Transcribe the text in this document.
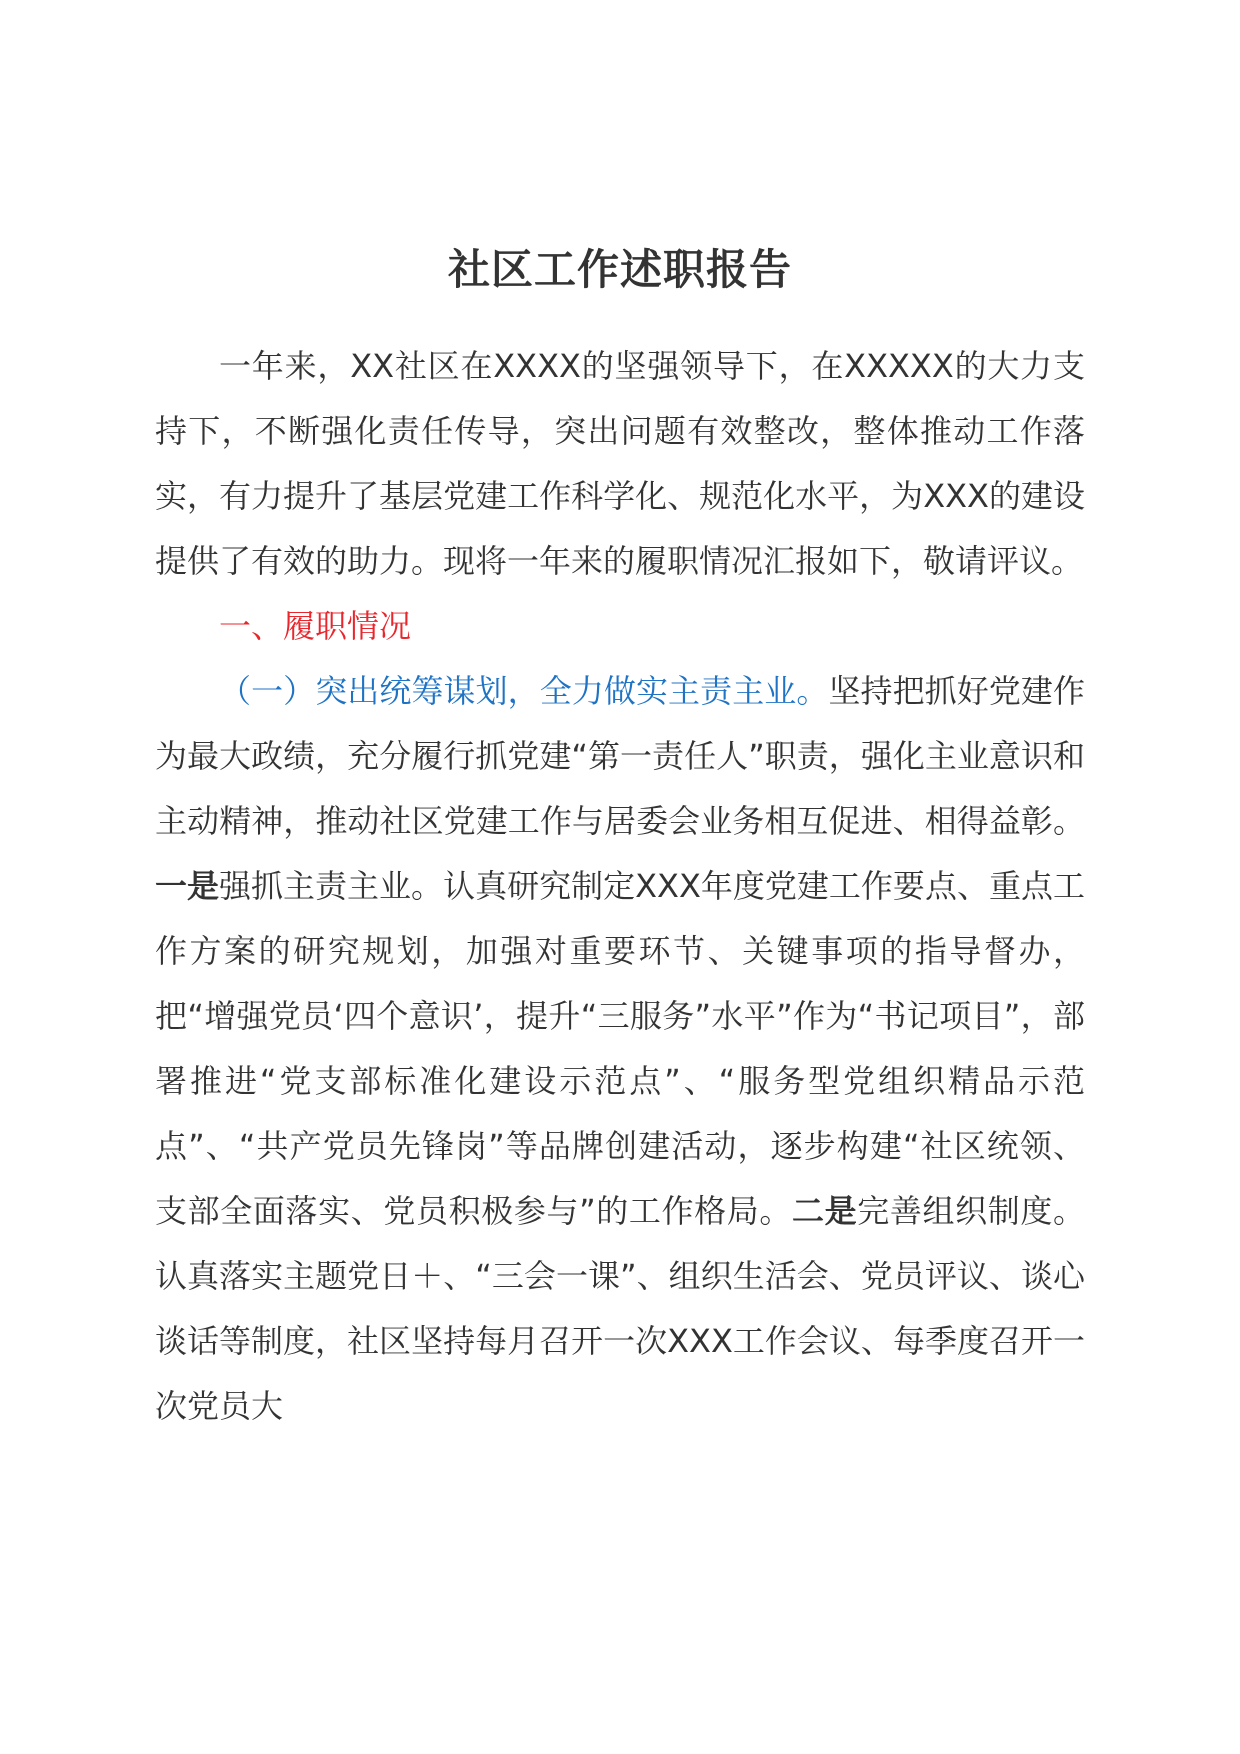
社区工作述职报告

一年来，XX社区在XXXX的坚强领导下，在XXXXX的大力支持下，不断强化责任传导，突出问题有效整改，整体推动工作落实，有力提升了基层党建工作科学化、规范化水平，为XXX的建设提供了有效的助力。现将一年来的履职情况汇报如下，敬请评议。

一、履职情况

（一）突出统筹谋划，全力做实主责主业。坚持把抓好党建作为最大政绩，充分履行抓党建“第一责任人”职责，强化主业意识和主动精神，推动社区党建工作与居委会业务相互促进、相得益彰。一是强抓主责主业。认真研究制定XXX年度党建工作要点、重点工作方案的研究规划，加强对重要环节、关键事项的指导督办，把“增强党员‘四个意识’，提升“三服务”水平”作为“书记项目”，部署推进“党支部标准化建设示范点”、“服务型党组织精品示范点”、“共产党员先锋岗”等品牌创建活动，逐步构建“社区统领、支部全面落实、党员积极参与”的工作格局。二是完善组织制度。认真落实主题党日＋、“三会一课”、组织生活会、党员评议、谈心谈话等制度，社区坚持每月召开一次XXX工作会议、每季度召开一次党员大
